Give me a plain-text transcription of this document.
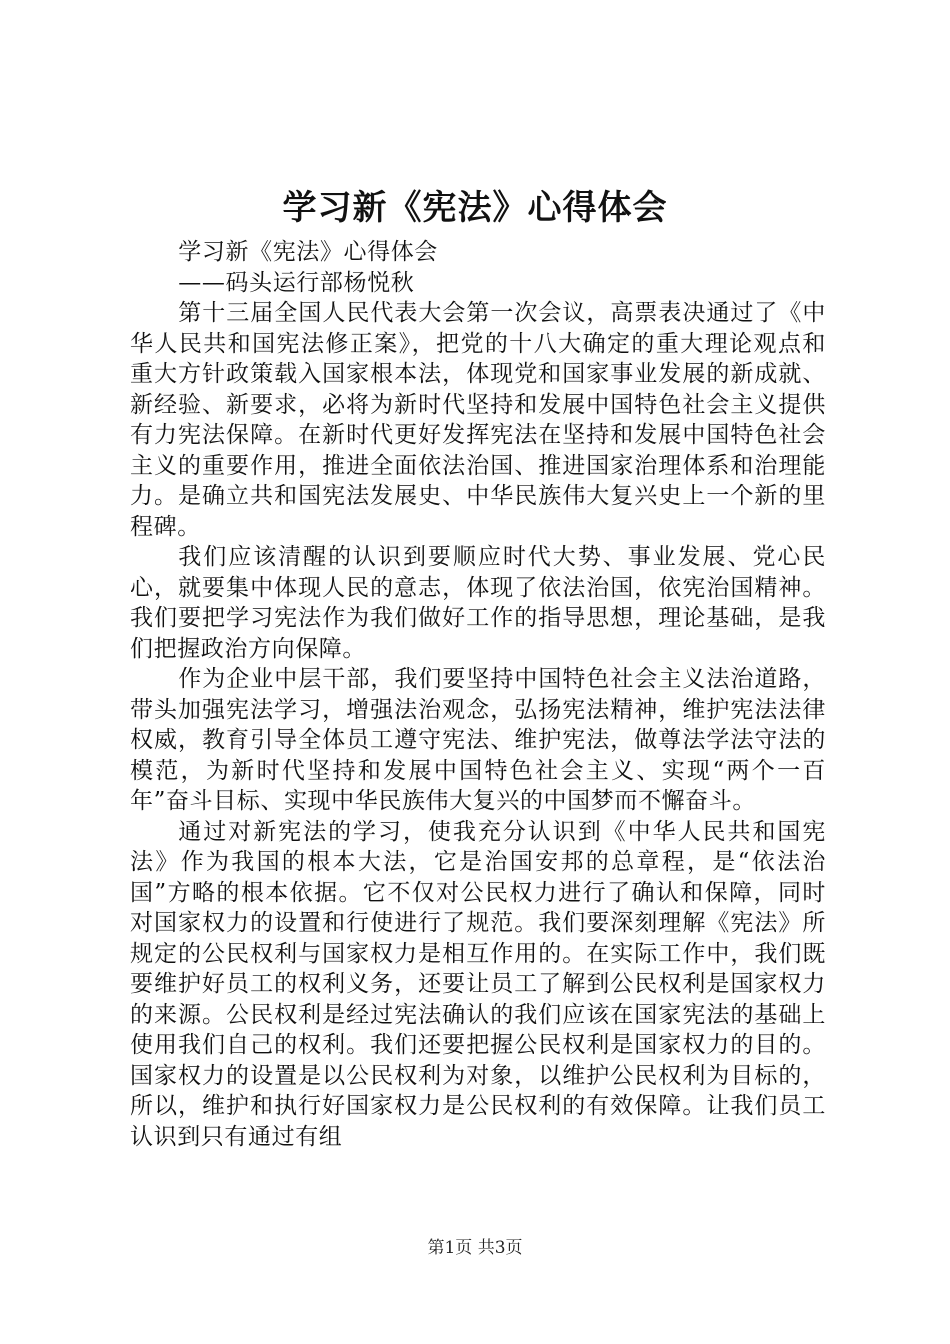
学习新《宪法》心得体会

学习新《宪法》心得体会

——码头运行部杨悦秋

第十三届全国人民代表大会第一次会议，高票表决通过了《中华人民共和国宪法修正案》，把党的十八大确定的重大理论观点和重大方针政策载入国家根本法，体现党和国家事业发展的新成就、新经验、新要求，必将为新时代坚持和发展中国特色社会主义提供有力宪法保障。在新时代更好发挥宪法在坚持和发展中国特色社会主义的重要作用，推进全面依法治国、推进国家治理体系和治理能力。是确立共和国宪法发展史、中华民族伟大复兴史上一个新的里程碑。

我们应该清醒的认识到要顺应时代大势、事业发展、党心民心，就要集中体现人民的意志，体现了依法治国，依宪治国精神。我们要把学习宪法作为我们做好工作的指导思想，理论基础，是我们把握政治方向保障。

作为企业中层干部，我们要坚持中国特色社会主义法治道路，带头加强宪法学习，增强法治观念，弘扬宪法精神，维护宪法法律权威，教育引导全体员工遵守宪法、维护宪法，做尊法学法守法的模范，为新时代坚持和发展中国特色社会主义、实现“两个一百年”奋斗目标、实现中华民族伟大复兴的中国梦而不懈奋斗。

通过对新宪法的学习，使我充分认识到《中华人民共和国宪法》作为我国的根本大法，它是治国安邦的总章程，是“依法治国”方略的根本依据。它不仅对公民权力进行了确认和保障，同时对国家权力的设置和行使进行了规范。我们要深刻理解《宪法》所规定的公民权利与国家权力是相互作用的。在实际工作中，我们既要维护好员工的权利义务，还要让员工了解到公民权利是国家权力的来源。公民权利是经过宪法确认的我们应该在国家宪法的基础上使用我们自己的权利。我们还要把握公民权利是国家权力的目的。国家权力的设置是以公民权利为对象，以维护公民权利为目标的，所以，维护和执行好国家权力是公民权利的有效保障。让我们员工认识到只有通过有组

第1页 共3页
